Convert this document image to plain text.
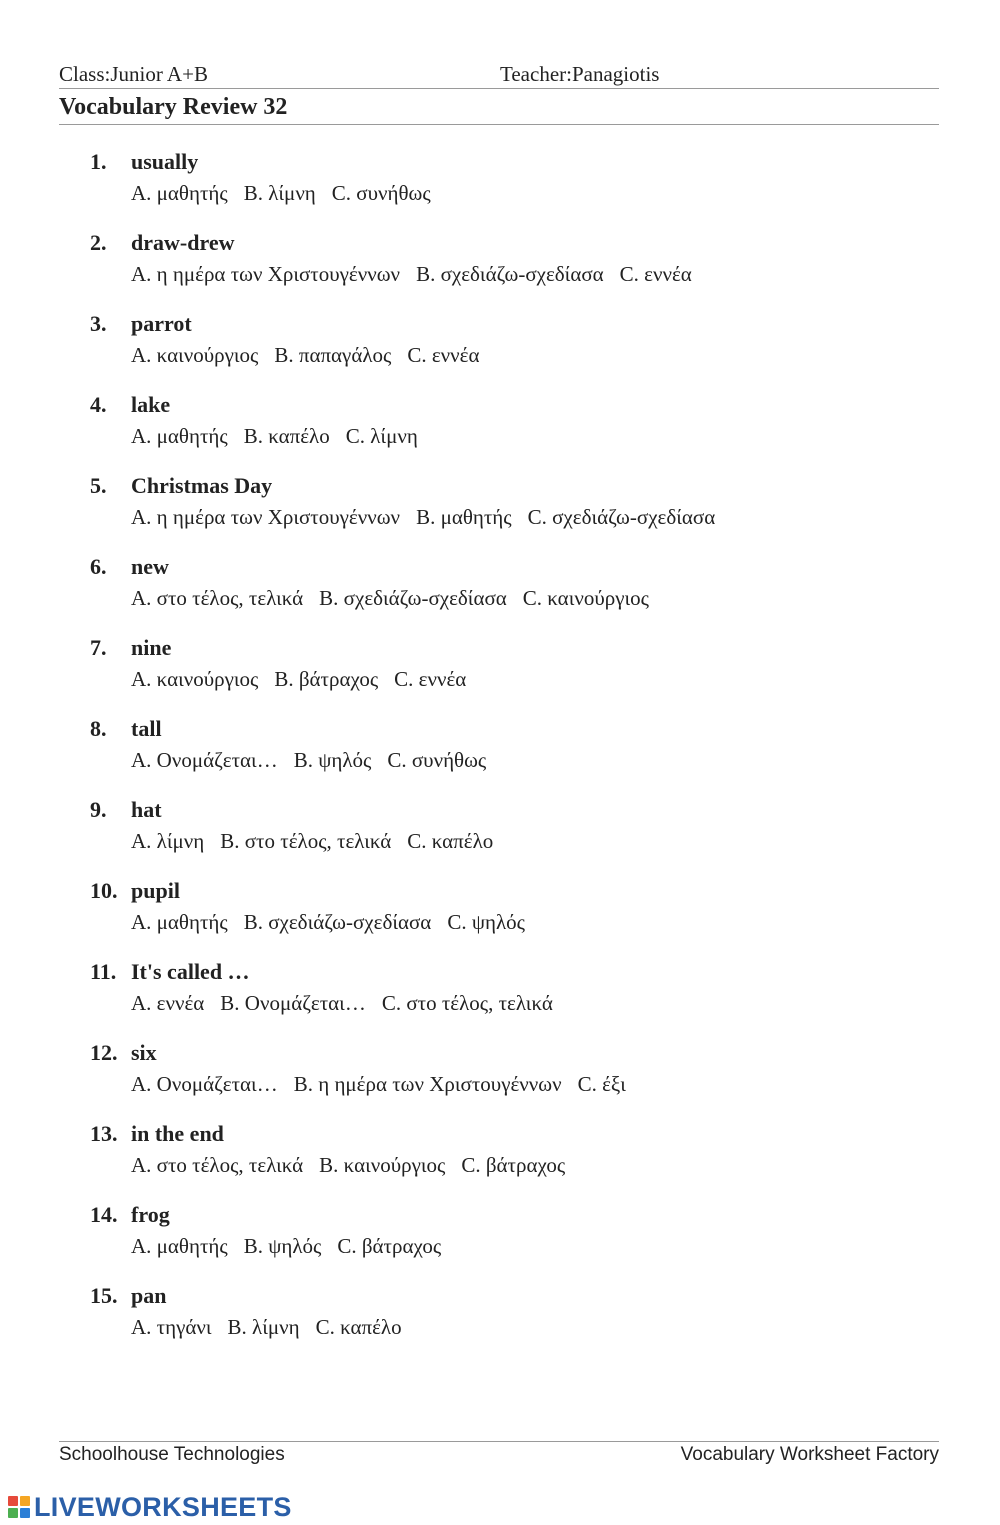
Class:Junior A+B	Teacher:Panagiotis
Vocabulary Review 32
1. usually
A. μαθητής B. λίμνη C. συνήθως
2. draw-drew
A. η ημέρα των Χριστουγέννων B. σχεδιάζω-σχεδίασα C. εννέα
3. parrot
A. καινούργιος B. παπαγάλος C. εννέα
4. lake
A. μαθητής B. καπέλο C. λίμνη
5. Christmas Day
A. η ημέρα των Χριστουγέννων B. μαθητής C. σχεδιάζω-σχεδίασα
6. new
A. στο τέλος, τελικά B. σχεδιάζω-σχεδίασα C. καινούργιος
7. nine
A. καινούργιος B. βάτραχος C. εννέα
8. tall
A. Ονομάζεται… B. ψηλός C. συνήθως
9. hat
A. λίμνη B. στο τέλος, τελικά C. καπέλο
10. pupil
A. μαθητής B. σχεδιάζω-σχεδίασα C. ψηλός
11. It's called …
A. εννέα B. Ονομάζεται… C. στο τέλος, τελικά
12. six
A. Ονομάζεται… B. η ημέρα των Χριστουγέννων C. έξι
13. in the end
A. στο τέλος, τελικά B. καινούργιος C. βάτραχος
14. frog
A. μαθητής B. ψηλός C. βάτραχος
15. pan
A. τηγάνι B. λίμνη C. καπέλο
Schoolhouse Technologies	Vocabulary Worksheet Factory
LIVEWORKSHEETS
